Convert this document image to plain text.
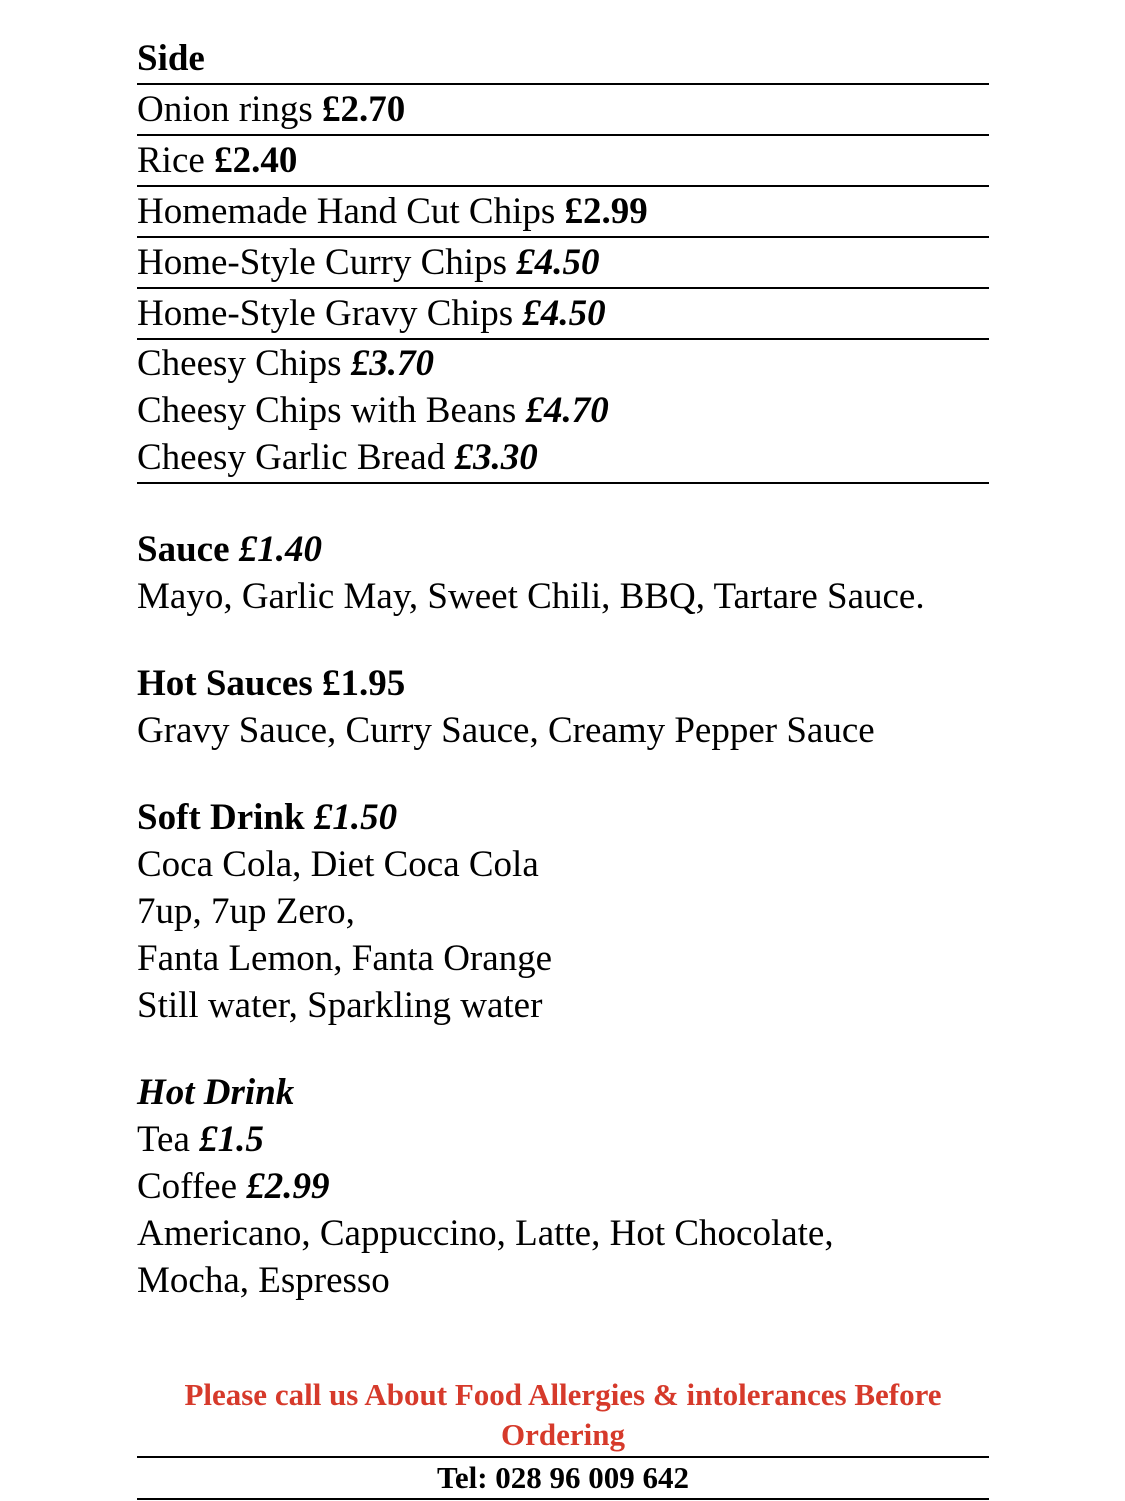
Side
Onion rings £2.70
Rice £2.40
Homemade Hand Cut Chips £2.99
Home-Style Curry Chips £4.50
Home-Style Gravy Chips £4.50
Cheesy Chips £3.70
Cheesy Chips with Beans £4.70
Cheesy Garlic Bread £3.30
Sauce £1.40
Mayo, Garlic May, Sweet Chili, BBQ, Tartare Sauce.
Hot Sauces £1.95
Gravy Sauce, Curry Sauce, Creamy Pepper Sauce
Soft Drink £1.50
Coca Cola, Diet Coca Cola
7up, 7up Zero,
Fanta Lemon, Fanta Orange
Still water, Sparkling water
Hot Drink
Tea £1.5
Coffee £2.99
Americano, Cappuccino, Latte, Hot Chocolate,
Mocha, Espresso
Please call us About Food Allergies & intolerances Before Ordering
Tel: 028 96 009 642
